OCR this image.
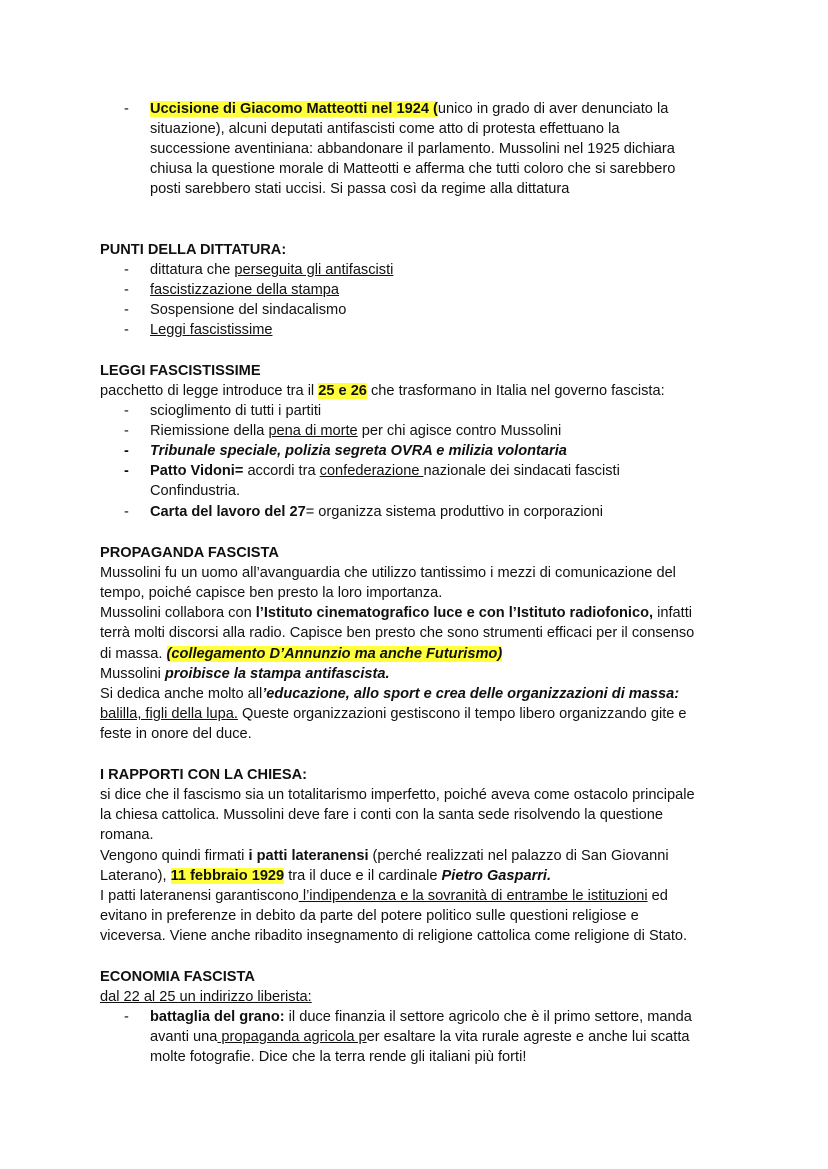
- Uccisione di Giacomo Matteotti nel 1924 (unico in grado di aver denunciato la
situazione), alcuni deputati antifascisti come atto di protesta effettuano la
successione aventiniana: abbandonare il parlamento. Mussolini nel 1925 dichiara
chiusa la questione morale di Matteotti e afferma che tutti coloro che si sarebbero
posti sarebbero stati uccisi. Si passa così da regime alla dittatura
PUNTI DELLA DITTATURA:
- dittatura che perseguita gli antifascisti
- fascistizzazione della stampa
- Sospensione del sindacalismo
- Leggi fascistissime
LEGGI FASCISTISSIME
pacchetto di legge introduce tra il 25 e 26 che trasformano in Italia nel governo fascista:
- scioglimento di tutti i partiti
- Riemissione della pena di morte per chi agisce contro Mussolini
- Tribunale speciale, polizia segreta OVRA e milizia volontaria
- Patto Vidoni= accordi tra confederazione nazionale dei sindacati fascisti
Confindustria.
- Carta del lavoro del 27= organizza sistema produttivo in corporazioni
PROPAGANDA FASCISTA
Mussolini fu un uomo all’avanguardia che utilizzo tantissimo i mezzi di comunicazione del
tempo, poiché capisce ben presto la loro importanza.
Mussolini collabora con l’Istituto cinematografico luce e con l’Istituto radiofonico, infatti
terrà molti discorsi alla radio. Capisce ben presto che sono strumenti efficaci per il consenso
di massa. (collegamento D’Annunzio ma anche Futurismo)
Mussolini proibisce la stampa antifascista.
Si dedica anche molto all’educazione, allo sport e crea delle organizzazioni di massa:
balilla, figli della lupa. Queste organizzazioni gestiscono il tempo libero organizzando gite e
feste in onore del duce.
I RAPPORTI CON LA CHIESA:
si dice che il fascismo sia un totalitarismo imperfetto, poiché aveva come ostacolo principale
la chiesa cattolica. Mussolini deve fare i conti con la santa sede risolvendo la questione
romana.
Vengono quindi firmati i patti lateranensi (perché realizzati nel palazzo di San Giovanni
Laterano), 11 febbraio 1929 tra il duce e il cardinale Pietro Gasparri.
I patti lateranensi garantiscono l’indipendenza e la sovranità di entrambe le istituzioni ed
evitano in preferenze in debito da parte del potere politico sulle questioni religiose e
viceversa. Viene anche ribadito insegnamento di religione cattolica come religione di Stato.
ECONOMIA FASCISTA
dal 22 al 25 un indirizzo liberista:
- battaglia del grano: il duce finanzia il settore agricolo che è il primo settore, manda
avanti una propaganda agricola per esaltare la vita rurale agreste e anche lui scatta
molte fotografie. Dice che la terra rende gli italiani più forti!
